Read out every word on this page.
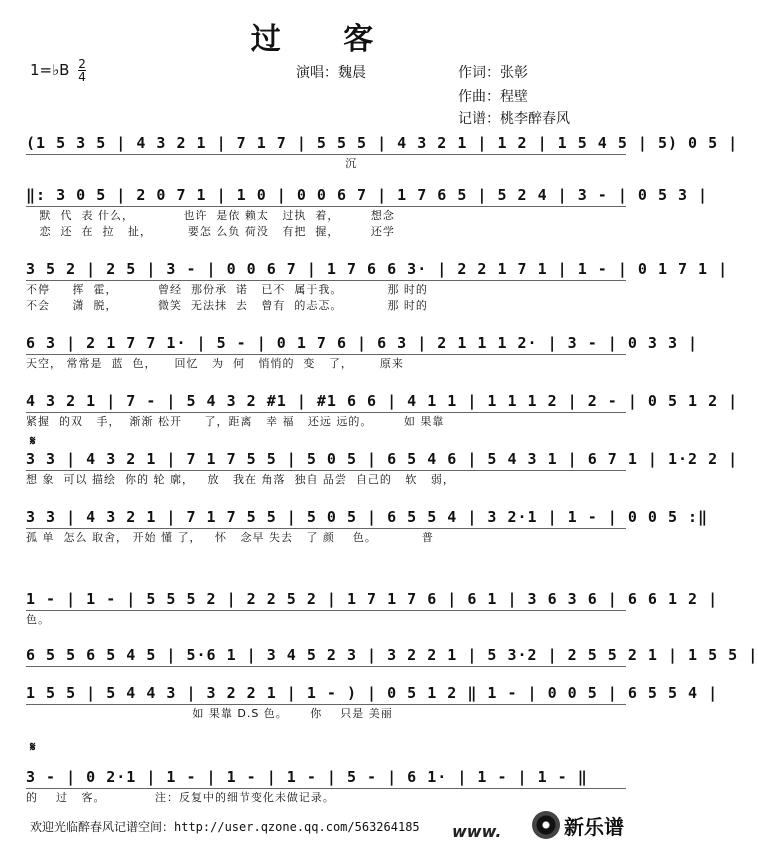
过 客
1=♭B $\frac{2}{4}$	演唱：魏晨	作词：张彰
作曲：程壁
记谱：桃李醉春风
(1 5 3 5 | 4 3 2 1 | 7 1 7 | 5 5 5 | 4 3 2 1 | 1 2 | 1 5 4 5 | 5) 0 5 |
沉
‖: 3 0 5 | 2 0 7 1 | 1 0 | 0 0 6 7 | 1 7 6 5 | 5 2 4 | 3 - | 0 5 3 |
默  代  表 什么，           也许  是依 赖太   过执  着，       想念
恋  还  在  拉   扯，        要怎 么负 荷没   有把  握，       还学
3 5 2 | 2 5 | 3 - | 0 0 6 7 | 1 7 6 6 3· | 2 2 1 7 1 | 1 - | 0 1 7 1 |
不停     挥  霍，         曾经  那份承  诺   已不  属于我。          那 时的
不会     潇  脱，         微笑  无法抹  去   曾有  的忐忑。          那 时的
6 3 | 2 1 7 7 1· | 5 - | 0 1 7 6 | 6 3 | 2 1 1 1 2· | 3 - | 0 3 3 |
天空， 常常是  蓝  色，    回忆   为  何   悄悄的  变   了，      原来
4 3 2 1 | 7 - | 5 4 3 2 #1 | #1 6 6 | 4 1 1 | 1 1 1 2 | 2 - | 0 5 1 2 |
紧握  的双   手，  渐渐 松开     了，距离   幸 福   还远 远的。       如 果靠
𝄋
3 3 | 4 3 2 1 | 7 1 7 5 5 | 5 0 5 | 6 5 4 6 | 5 4 3 1 | 6 7 1 | 1·2 2 |
想 象  可以 描绘  你的 轮 廓，   放   我在 角落  独自 品尝  自己的   软   弱，
3 3 | 4 3 2 1 | 7 1 7 5 5 | 5 0 5 | 6 5 5 4 | 3 2·1 | 1 - | 0 0 5 :‖
孤 单  怎么 取舍， 开始 懂 了，   怀   念早 失去   了 颜    色。          普
1 - | 1 - | 5 5 5 2 | 2 2 5 2 | 1 7 1 7 6 | 6 1 | 3 6 3 6 | 6 6 1 2 |
色。
6 5 5 6 5 4 5 | 5·6 1 | 3 4 5 2 3 | 3 2 2 1 | 5 3·2 | 2 5 5 2 1 | 1 5 5 |
1 5 5 | 5 4 4 3 | 3 2 2 1 | 1 - ) | 0 5 1 2 ‖ 1 - | 0 0 5 | 6 5 5 4 |
如 果靠 D.S 色。     你    只是 美丽
𝄋
3 - | 0 2·1 | 1 - | 1 - | 1 - | 5 - | 6 1· | 1 - | 1 - ‖
的    过   客。           注：反复中的细节变化未做记录。
欢迎光临醉春风记谱空间：http://user.qzone.qq.com/563264185 www.	新乐谱
